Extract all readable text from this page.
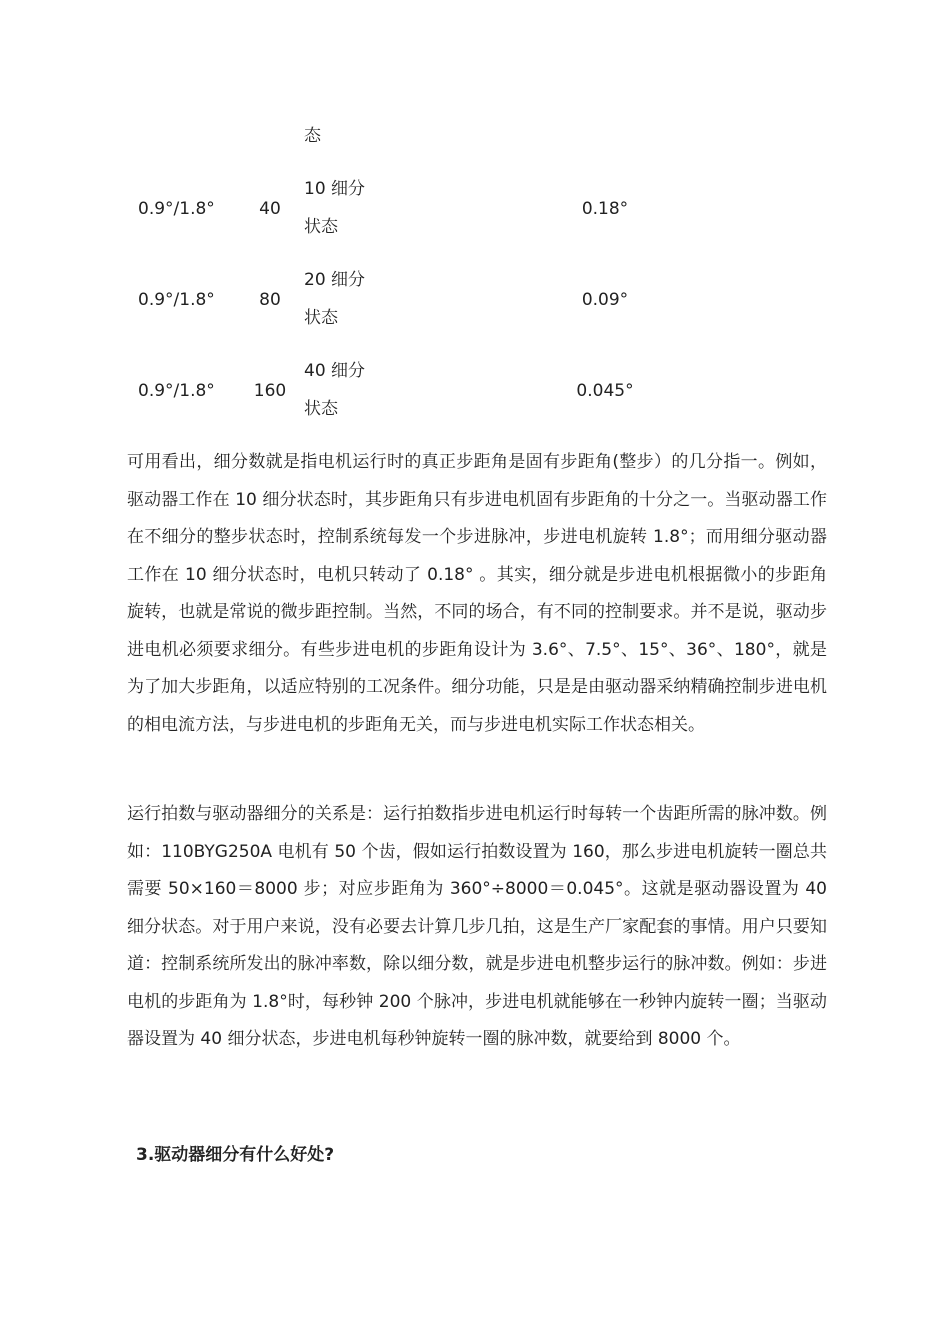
态
0.9°/1.8°	40
10 细分
状态
0.18°
0.9°/1.8°	80
20 细分
状态
0.09°
0.9°/1.8° 160
40 细分
状态
0.045°

可用看出，细分数就是指电机运行时的真正步距角是固有步距角(整步）的几分指一。例如，驱动器工作在 10 细分状态时，其步距角只有步进电机固有步距角的十分之一。当驱动器工作在不细分的整步状态时，控制系统每发一个步进脉冲，步进电机旋转 1.8°；而用细分驱动器工作在 10 细分状态时，电机只转动了 0.18° 。其实，细分就是步进电机根据微小的步距角旋转，也就是常说的微步距控制。当然，不同的场合，有不同的控制要求。并不是说，驱动步进电机必须要求细分。有些步进电机的步距角设计为 3.6°、7.5°、15°、36°、180°，就是为了加大步距角，以适应特别的工况条件。细分功能，只是是由驱动器采纳精确控制步进电机的相电流方法，与步进电机的步距角无关，而与步进电机实际工作状态相关。

运行拍数与驱动器细分的关系是：运行拍数指步进电机运行时每转一个齿距所需的脉冲数。例如：110BYG250A 电机有 50 个齿，假如运行拍数设置为 160，那么步进电机旋转一圈总共需要 50×160＝8000 步；对应步距角为 360°÷8000＝0.045°。这就是驱动器设置为 40 细分状态。对于用户来说，没有必要去计算几步几拍，这是生产厂家配套的事情。用户只要知道：控制系统所发出的脉冲率数，除以细分数，就是步进电机整步运行的脉冲数。例如：步进电机的步距角为 1.8°时，每秒钟 200 个脉冲，步进电机就能够在一秒钟内旋转一圈；当驱动器设置为 40 细分状态，步进电机每秒钟旋转一圈的脉冲数，就要给到 8000 个。

3.驱动器细分有什么好处?
